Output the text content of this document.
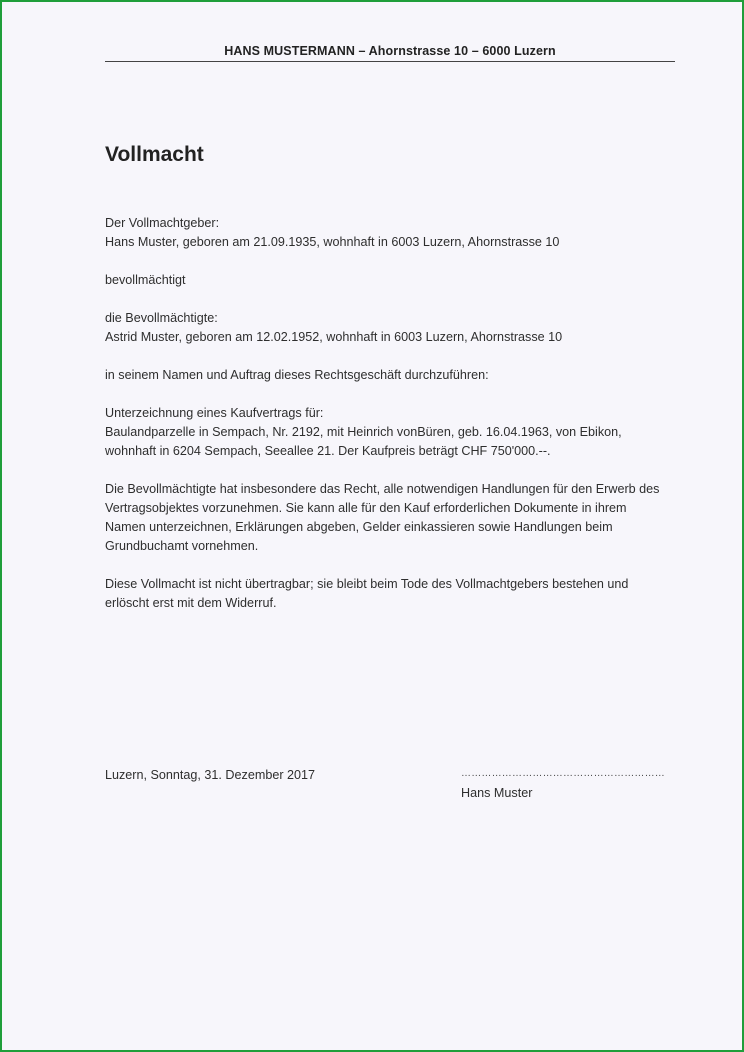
HANS MUSTERMANN – Ahornstrasse 10 – 6000 Luzern
Vollmacht

Der Vollmachtgeber:
Hans Muster, geboren am 21.09.1935, wohnhaft in 6003 Luzern, Ahornstrasse 10

bevollmächtigt

die Bevollmächtigte:
Astrid Muster, geboren am 12.02.1952, wohnhaft in 6003 Luzern, Ahornstrasse 10

in seinem Namen und Auftrag dieses Rechtsgeschäft durchzuführen:

Unterzeichnung eines Kaufvertrags für:
Baulandparzelle in Sempach, Nr. 2192, mit Heinrich vonBüren, geb. 16.04.1963, von Ebikon,
wohnhaft in 6204 Sempach, Seeallee 21. Der Kaufpreis beträgt CHF 750'000.--.

Die Bevollmächtigte hat insbesondere das Recht, alle notwendigen Handlungen für den Erwerb des
Vertragsobjektes vorzunehmen. Sie kann alle für den Kauf erforderlichen Dokumente in ihrem
Namen unterzeichnen, Erklärungen abgeben, Gelder einkassieren sowie Handlungen beim
Grundbuchamt vornehmen.

Diese Vollmacht ist nicht übertragbar; sie bleibt beim Tode des Vollmachtgebers bestehen und
erlöscht erst mit dem Widerruf.

Luzern, Sonntag, 31. Dezember 2017	……………………………………………………
Hans Muster
